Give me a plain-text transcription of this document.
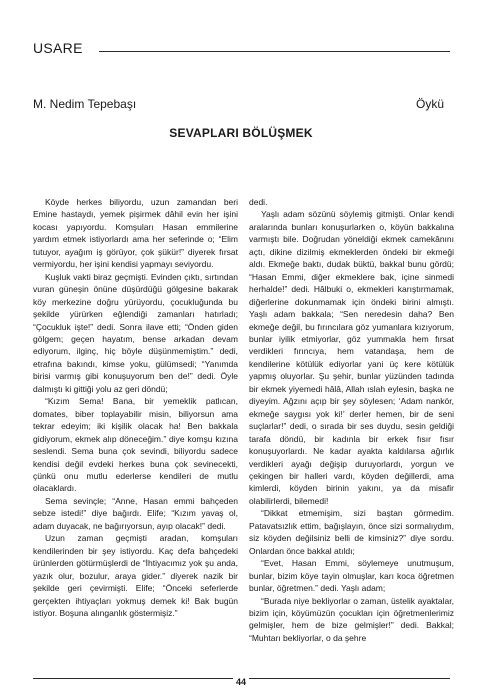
USARE
M. Nedim Tepebaşı	Öykü
SEVAPLARI BÖLÜŞMEK

Köyde herkes biliyordu, uzun zamandan beri Emine hastaydı, yemek pişirmek dâhil evin her işini kocası yapıyordu. Komşuları Hasan emmilerine yardım etmek istiyorlardı ama her seferinde o; “Elim tutuyor, ayağım iş görüyor, çok şükür!” diyerek fırsat vermiyordu, her işini kendisi yapmayı seviyordu.

Kuşluk vakti biraz geçmişti. Evinden çıktı, sırtından vuran güneşin önüne düşürdüğü gölgesine bakarak köy merkezine doğru yürüyordu, çocukluğunda bu şekilde yürürken eğlendiği zamanları hatırladı; “Çocukluk işte!” dedi. Sonra ilave etti; “Önden giden gölgem; geçen hayatım, bense arkadan devam ediyorum, ilginç, hiç böyle düşünmemiştim.” dedi, etrafına bakındı, kimse yoku, gülümsedi; “Yanımda birisi varmış gibi konuşuyorum ben de!” dedi. Öyle dalmıştı ki gittiği yolu az geri döndü;

“Kızım Sema! Bana, bir yemeklik patlıcan, domates, biber toplayabilir misin, biliyorsun ama tekrar edeyim; iki kişilik olacak ha! Ben bakkala gidiyorum, ekmek alıp döneceğim.” diye komşu kızına seslendi. Sema buna çok sevindi, biliyordu sadece kendisi değil evdeki herkes buna çok sevinecekti, çünkü onu mutlu ederlerse kendileri de mutlu olacaklardı.

Sema sevinçle; “Anne, Hasan emmi bahçeden sebze istedi!” diye bağırdı. Elife; “Kızım yavaş ol, adam duyacak, ne bağırıyorsun, ayıp olacak!” dedi.

Uzun zaman geçmişti aradan, komşuları kendilerinden bir şey istiyordu. Kaç defa bahçedeki ürünlerden götürmüşlerdi de “İhtiyacımız yok şu anda, yazık olur, bozulur, araya gider.” diyerek nazik bir şekilde geri çevirmişti. Elife; “Önceki seferlerde gerçekten ihtiyaçları yokmuş demek ki! Bak bugün istiyor. Boşuna alınganlık göstermişiz.”

dedi.

Yaşlı adam sözünü söylemiş gitmişti. Onlar kendi aralarında bunları konuşurlarken o, köyün bakkalına varmıştı bile. Doğrudan yöneldiği ekmek camekânını açtı, dikine dizilmiş ekmeklerden öndeki bir ekmeği aldı. Ekmeğe baktı, dudak büktü, bakkal bunu gördü; “Hasan Emmi, diğer ekmeklere bak, içine sinmedi herhalde!” dedi. Hâlbuki o, ekmekleri karıştırmamak, diğerlerine dokunmamak için öndeki birini almıştı. Yaşlı adam bakkala; “Sen neredesin daha? Ben ekmeğe değil, bu fırıncılara göz yumanlara kızıyorum, bunlar iyilik etmiyorlar, göz yummakla hem fırsat verdikleri fırıncıya, hem vatandaşa, hem de kendilerine kötülük ediyorlar yani üç kere kötülük yapmış oluyorlar. Şu şehir, bunlar yüzünden tadında bir ekmek yiyemedi hâlâ, Allah ıslah eylesin, başka ne diyeyim. Ağzını açıp bir şey söylesen; ‘Adam nankör, ekmeğe saygısı yok ki!’ derler hemen, bir de seni suçlarlar!” dedi, o sırada bir ses duydu, sesin geldiği tarafa döndü, bir kadınla bir erkek fısır fısır konuşuyorlardı. Ne kadar ayakta kaldılarsa ağırlık verdikleri ayağı değişip duruyorlardı, yorgun ve çekingen bir halleri vardı, köyden değillerdi, ama kimlerdi, köyden birinin yakını, ya da misafir olabilirlerdi, bilemedi!

“Dikkat etmemişim, sizi baştan görmedim. Patavatsızlık ettim, bağışlayın, önce sizi sormalıydım, siz köyden değilsiniz belli de kimsiniz?” diye sordu. Onlardan önce bakkal atıldı;

“Evet, Hasan Emmi, söylemeye unutmuşum, bunlar, bizim köye tayin olmuşlar, karı koca öğretmen bunlar, öğretmen.” dedi. Yaşlı adam;

“Burada niye bekliyorlar o zaman, üstelik ayaktalar, bizim için, köyümüzün çocukları için öğretmenlerimiz gelmişler, hem de bize gelmişler!” dedi. Bakkal; “Muhtarı bekliyorlar, o da şehre

44
